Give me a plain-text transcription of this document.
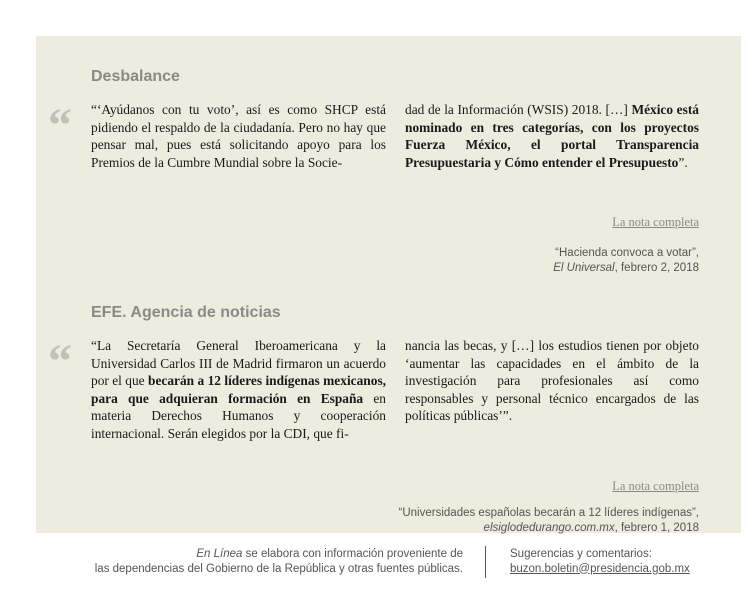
Desbalance
“ “‘Ayúdanos con tu voto’, así es como SHCP está pidiendo el respaldo de la ciudadanía. Pero no hay que pensar mal, pues está solicitando apoyo para los Premios de la Cumbre Mundial sobre la Socie-
dad de la Información (WSIS) 2018. […] México está nominado en tres categorías, con los proyectos Fuerza México, el portal Transparencia Presupuestaria y Cómo entender el Presupuesto”.
La nota completa
“Hacienda convoca a votar”,
El Universal, febrero 2, 2018
EFE. Agencia de noticias
“ “La Secretaría General Iberoamericana y la Universidad Carlos III de Madrid firmaron un acuerdo por el que becarán a 12 líderes indígenas mexicanos, para que adquieran formación en España en materia Derechos Humanos y cooperación internacional. Serán elegidos por la CDI, que fi-
nancia las becas, y […] los estudios tienen por objeto ‘aumentar las capacidades en el ámbito de la investigación para profesionales así como responsables y personal técnico encargados de las políticas públicas’”.
La nota completa
“Universidades españolas becarán a 12 líderes indígenas”,
elsiglodedurango.com.mx, febrero 1, 2018
En Línea se elabora con información proveniente de
las dependencias del Gobierno de la República y otras fuentes públicas.
Sugerencias y comentarios:
buzon.boletin@presidencia.gob.mx
